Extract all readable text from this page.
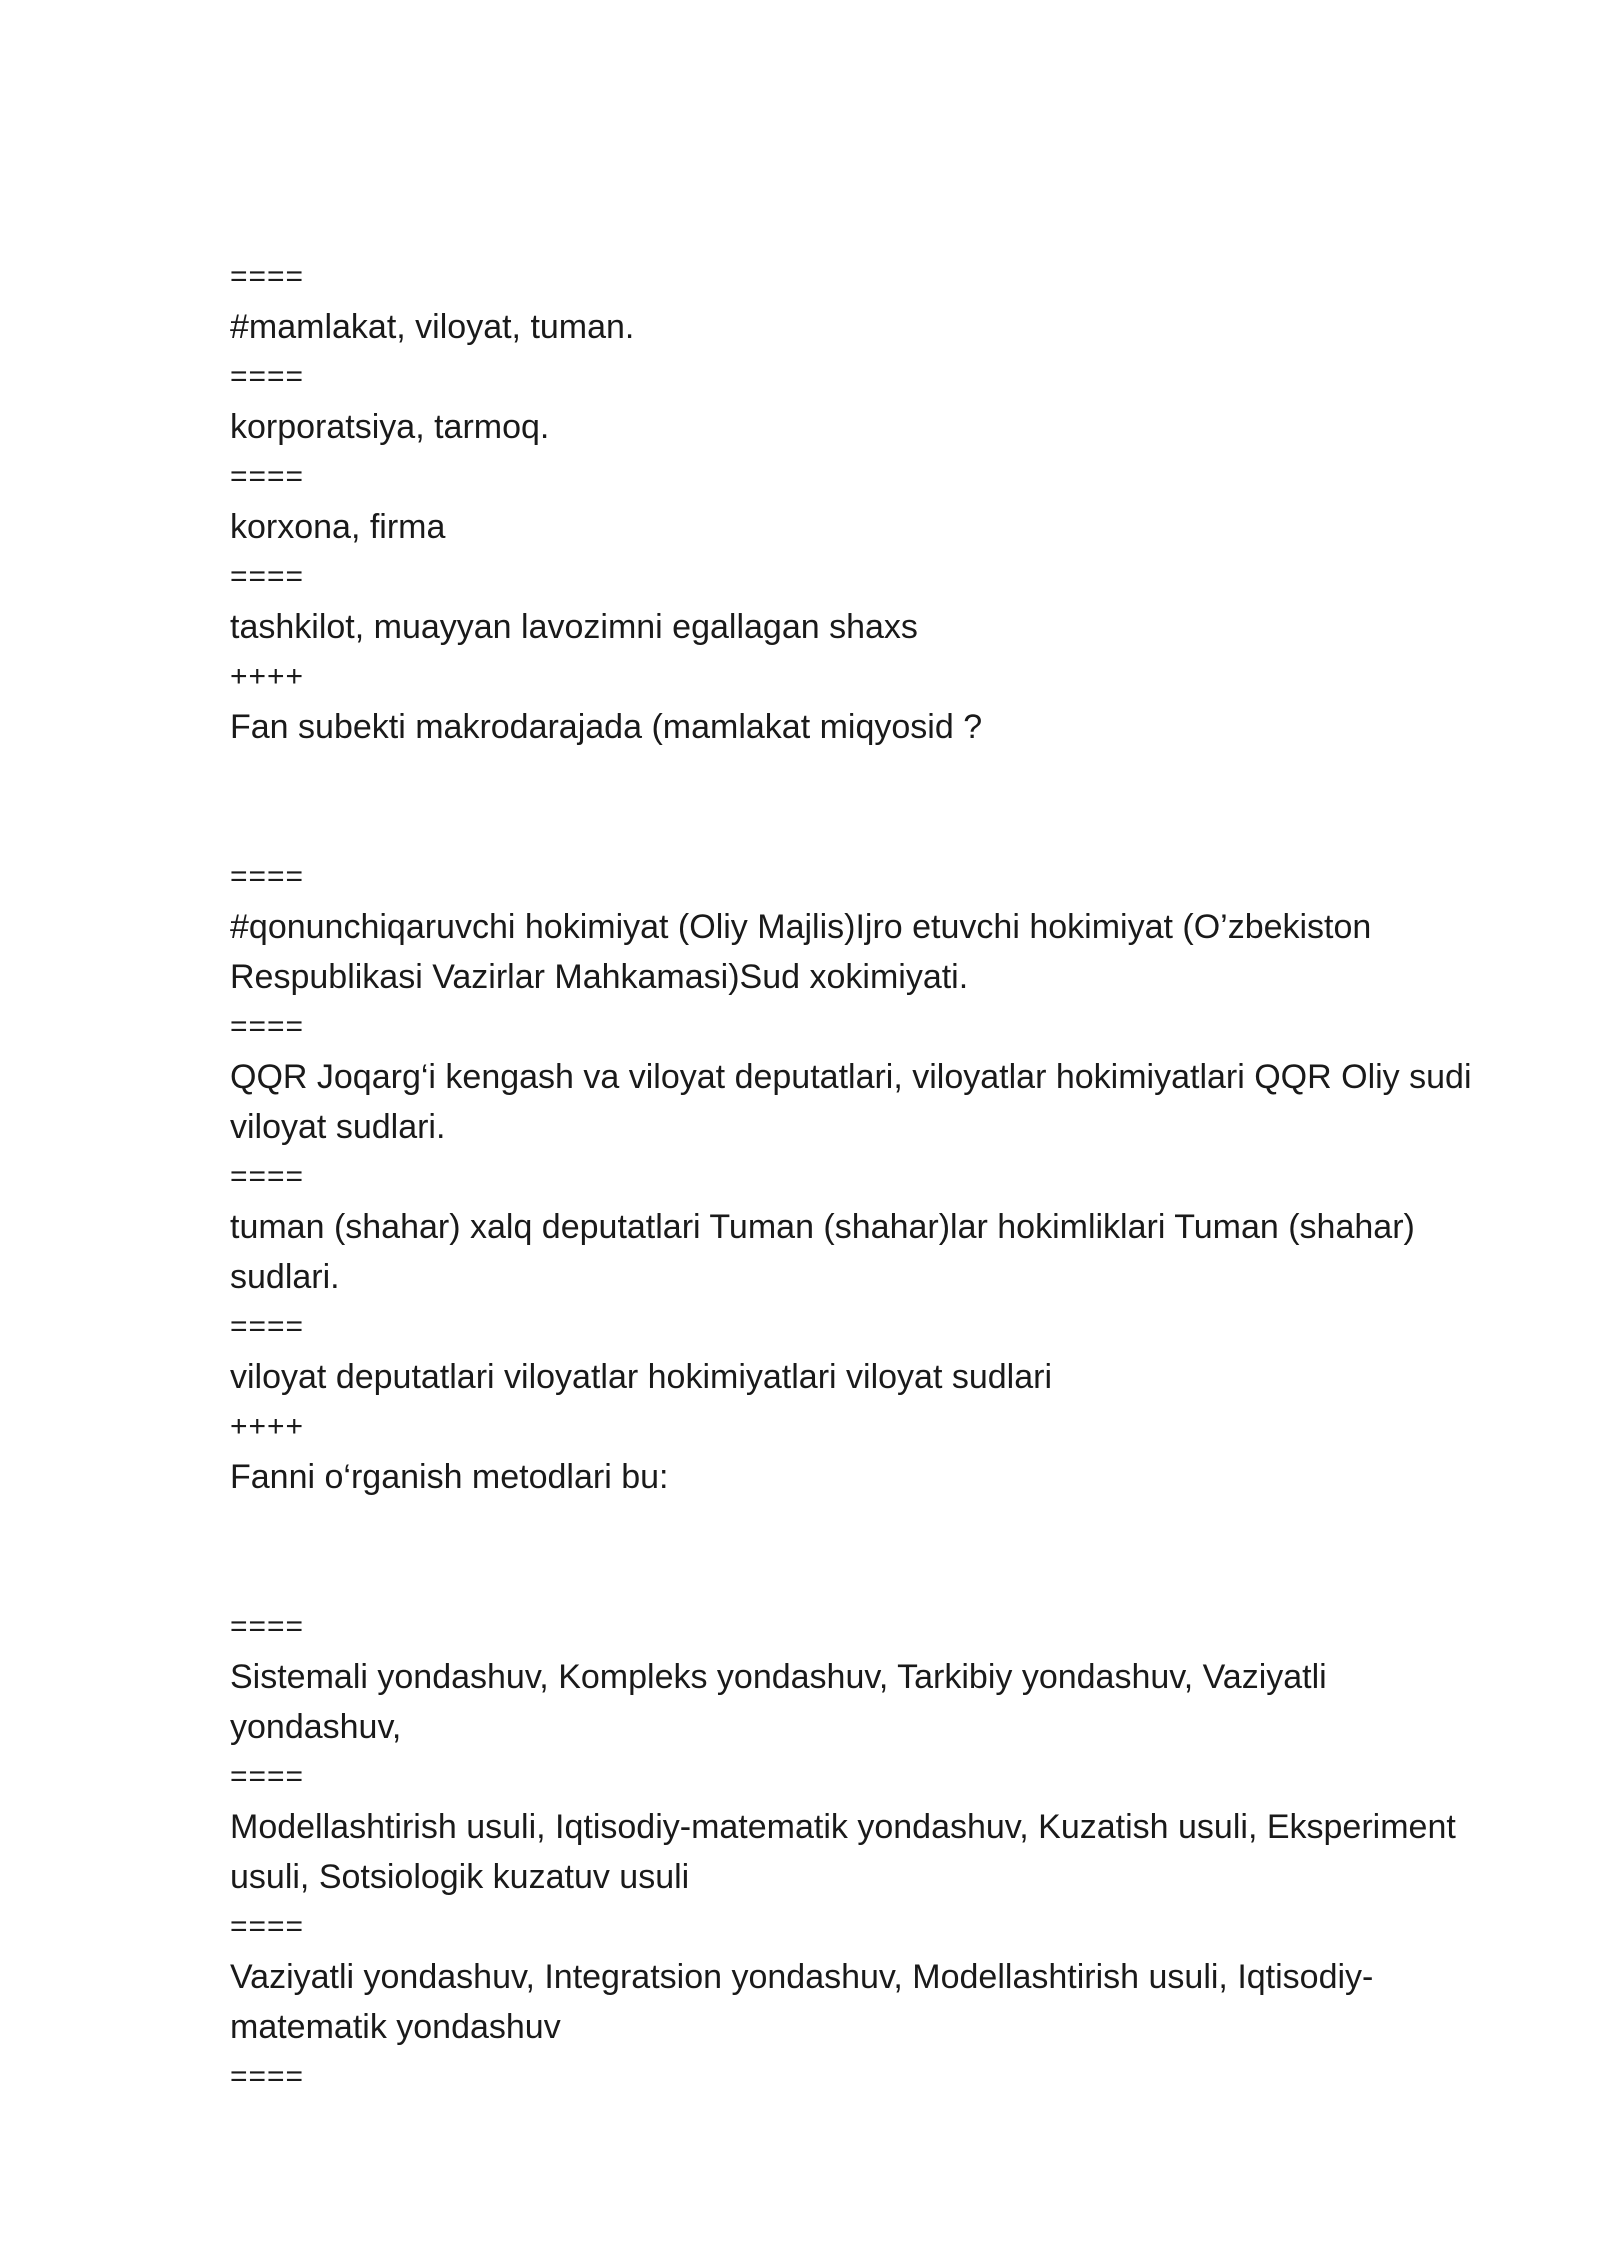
====
#mamlakat, viloyat, tuman.
====
korporatsiya, tarmoq.
====
korxona, firma
====
tashkilot, muayyan lavozimni egallagan shaxs
++++
Fan subekti makrodarajada (mamlakat miqyosid ?
====
#qonunchiqaruvchi hokimiyat (Oliy Majlis)Ijro etuvchi hokimiyat (O’zbekiston Respublikasi Vazirlar Mahkamasi)Sud xokimiyati.
====
QQR Joqarg‘i kengash va viloyat deputatlari, viloyatlar hokimiyatlari QQR Oliy sudi viloyat sudlari.
====
tuman (shahar) xalq deputatlari Tuman (shahar)lar hokimliklari Tuman (shahar) sudlari.
====
viloyat deputatlari viloyatlar hokimiyatlari viloyat sudlari
++++
Fanni o‘rganish metodlari bu:
====
Sistemali yondashuv, Kompleks yondashuv, Tarkibiy yondashuv, Vaziyatli yondashuv,
====
Modellashtirish usuli, Iqtisodiy-matematik yondashuv, Kuzatish usuli, Eksperiment usuli, Sotsiologik kuzatuv usuli
====
Vaziyatli yondashuv, Integratsion yondashuv, Modellashtirish usuli, Iqtisodiy-matematik yondashuv
====
